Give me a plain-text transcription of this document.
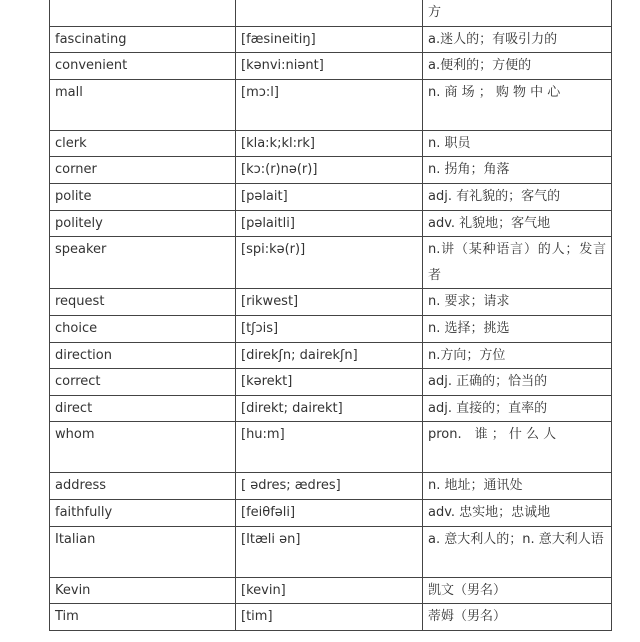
		方
fascinating	[fæsineitiŋ]	a.迷人的；有吸引力的
convenient	[kənvi:niənt]	a.便利的；方便的
mall	[mɔ:l]	n. 商 场 ； 购 物 中 心
clerk	[kla:k;kl:rk]	n. 职员
corner	[kɔ:(r)nə(r)]	n. 拐角；角落
polite	[pəlait]	adj. 有礼貌的；客气的
politely	[pəlaitli]	adv. 礼貌地；客气地
speaker	[spi:kə(r)]	n.讲（某种语言）的人；发言者
request	[rikwest]	n. 要求；请求
choice	[tʃɔis]	n. 选择；挑选
direction	[direkʃn; dairekʃn]	n.方向；方位
correct	[kərekt]	adj. 正确的；恰当的
direct	[direkt; dairekt]	adj. 直接的；直率的
whom	[hu:m]	pron.　谁 ； 什 么 人
address	[ ədres; ædres]	n. 地址；通讯处
faithfully	[feiθfəli]	adv. 忠实地；忠诚地
Italian	[Itæli ən]	a. 意大利人的；n. 意大利人语
Kevin	[kevin]	凯文（男名）
Tim	[tim]	蒂姆（男名）
